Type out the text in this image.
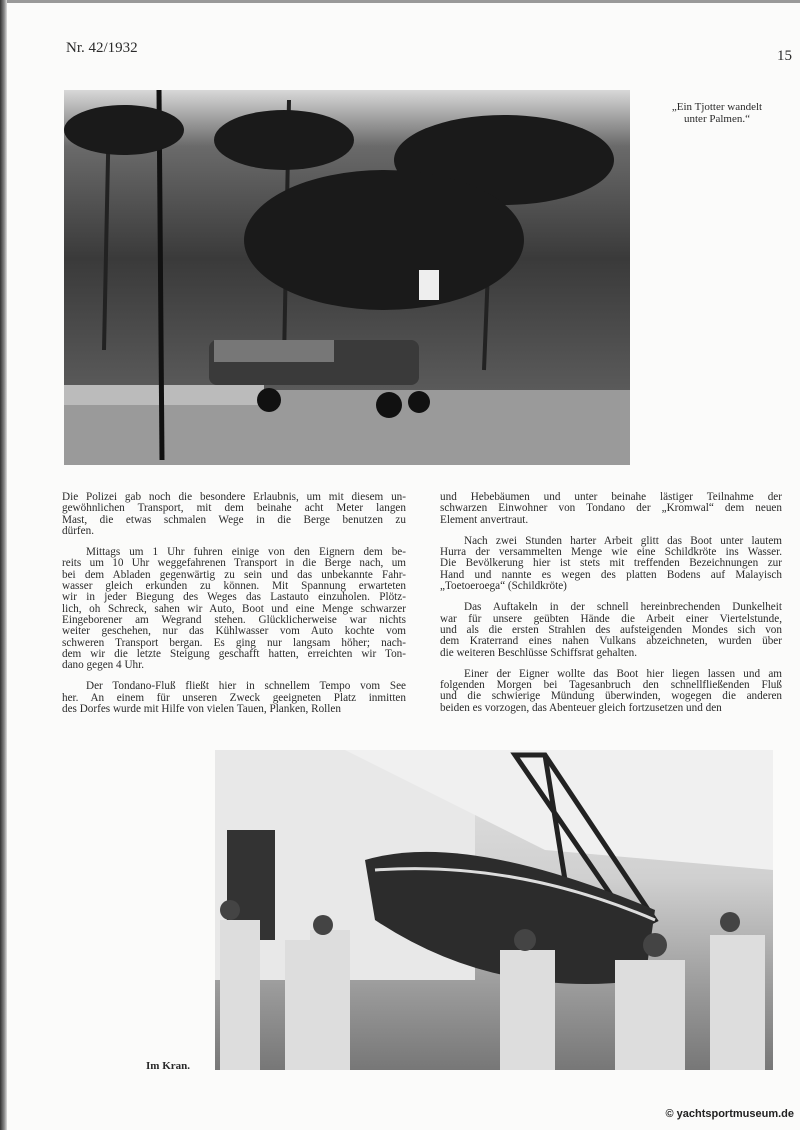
Nr. 42/1932	15
„Ein Tjotter wandelt
unter Palmen.“
Die Polizei gab noch die besondere Erlaubnis, um mit diesem un-
gewöhnlichen Transport, mit dem beinahe acht Meter langen
Mast, die etwas schmalen Wege in die Berge benutzen zu
dürfen.
Mittags um 1 Uhr fuhren einige von den Eignern dem be-
reits um 10 Uhr weggefahrenen Transport in die Berge nach, um
bei dem Abladen gegenwärtig zu sein und das unbekannte Fahr-
wasser gleich erkunden zu können. Mit Spannung erwarteten
wir in jeder Biegung des Weges das Lastauto einzuholen. Plötz-
lich, oh Schreck, sahen wir Auto, Boot und eine Menge schwarzer
Eingeborener am Wegrand stehen. Glücklicherweise war nichts
weiter geschehen, nur das Kühlwasser vom Auto kochte vom
schweren Transport bergan. Es ging nur langsam höher; nach-
dem wir die letzte Steigung geschafft hatten, erreichten wir Ton-
dano gegen 4 Uhr.
Der Tondano-Fluß fließt hier in schnellem Tempo vom See
her. An einem für unseren Zweck geeigneten Platz inmitten
des Dorfes wurde mit Hilfe von vielen Tauen, Planken, Rollen
und Hebebäumen und unter beinahe lästiger Teilnahme der
schwarzen Einwohner von Tondano der „Kromwal“ dem neuen
Element anvertraut.
Nach zwei Stunden harter Arbeit glitt das Boot unter lautem
Hurra der versammelten Menge wie eine Schildkröte ins Wasser.
Die Bevölkerung hier ist stets mit treffenden Bezeichnungen zur
Hand und nannte es wegen des platten Bodens auf Malayisch
„Toetoeroega“ (Schildkröte)
Das Auftakeln in der schnell hereinbrechenden Dunkelheit
war für unsere geübten Hände die Arbeit einer Viertelstunde,
und als die ersten Strahlen des aufsteigenden Mondes sich von
dem Kraterrand eines nahen Vulkans abzeichneten, wurden über
die weiteren Beschlüsse Schiffsrat gehalten.
Einer der Eigner wollte das Boot hier liegen lassen und am
folgenden Morgen bei Tagesanbruch den schnellfließenden Fluß
und die schwierige Mündung überwinden, wogegen die anderen
beiden es vorzogen, das Abenteuer gleich fortzusetzen und den
Im Kran.
© yachtsportmuseum.de
